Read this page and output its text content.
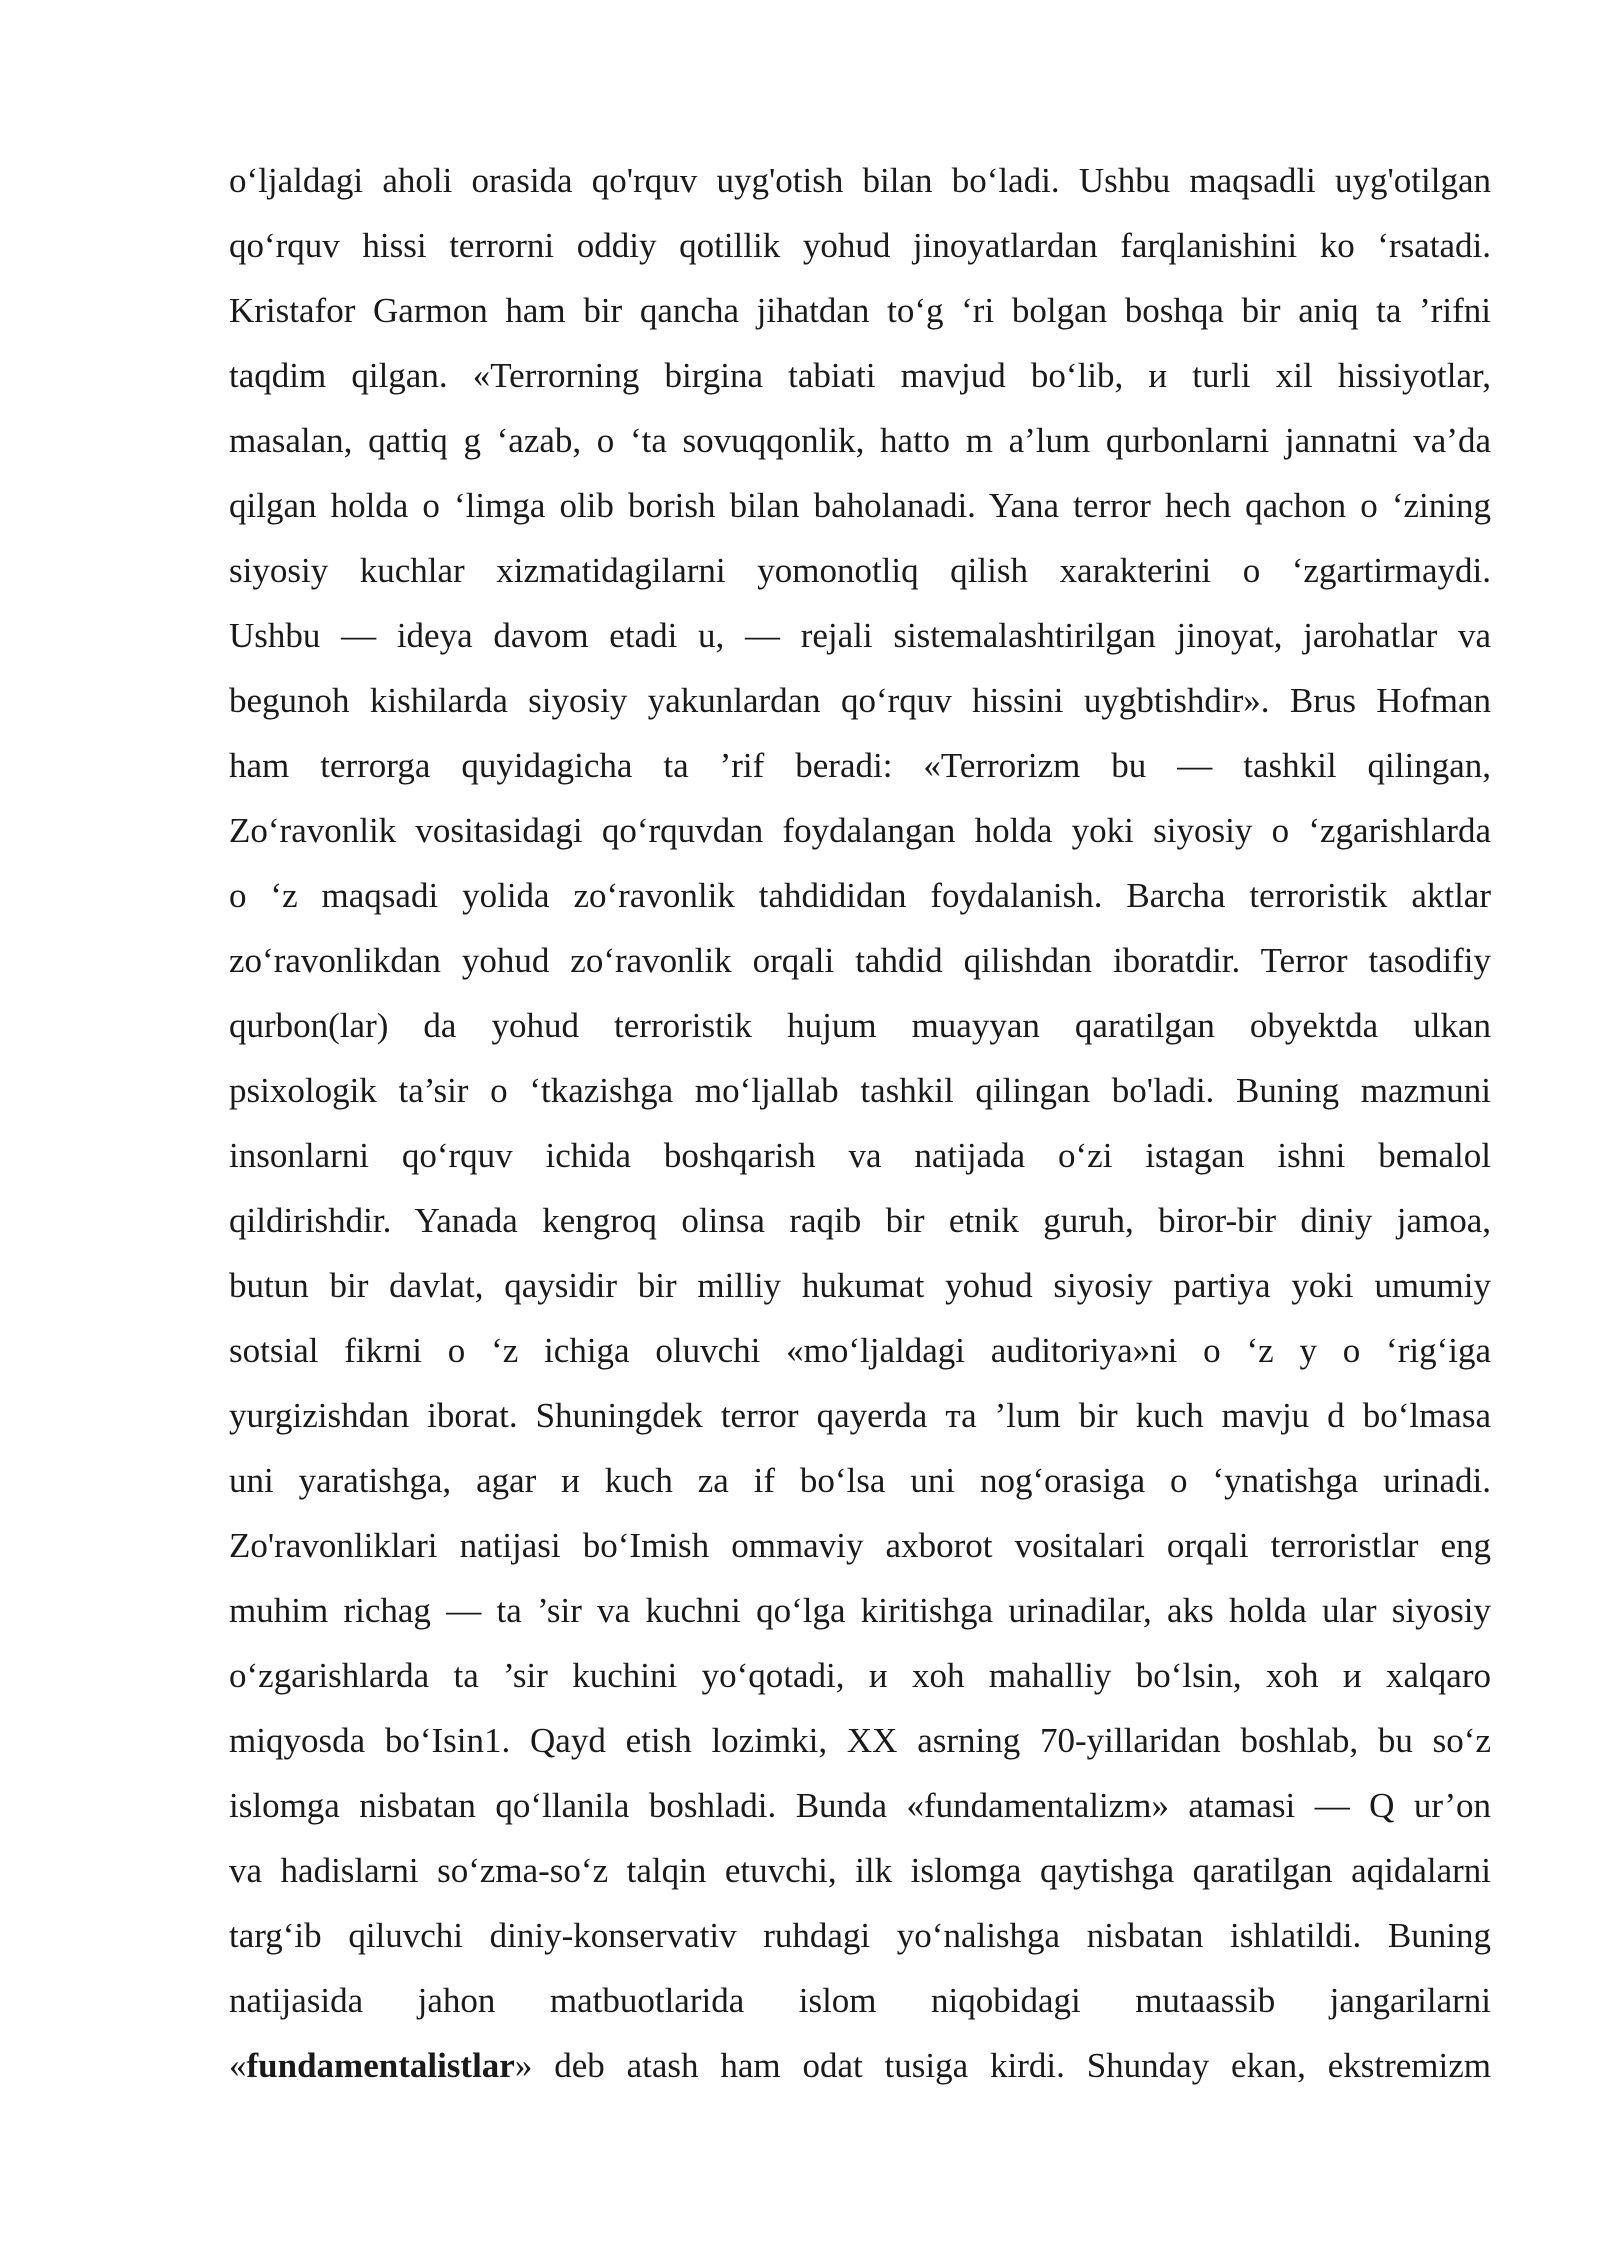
o‘ljaldagi aholi orasida qo'rquv uyg'otish bilan bo‘ladi. Ushbu maqsadli uyg'otilgan
qo‘rquv hissi terrorni oddiy qotillik yohud jinoyatlardan farqlanishini ko ‘rsatadi.
Kristafor Garmon ham bir qancha jihatdan to‘g ‘ri bolgan boshqa bir aniq ta ’rifni
taqdim qilgan. «Terrorning birgina tabiati mavjud bo‘lib, и turli xil hissiyotlar,
masalan, qattiq g ‘azab, o ‘ta sovuqqonlik, hatto m a’lum qurbonlarni jannatni va’da
qilgan holda o ‘limga olib borish bilan baholanadi. Yana terror hech qachon o ‘zining
siyosiy kuchlar xizmatidagilarni yomonotliq qilish xarakterini o ‘zgartirmaydi.
Ushbu — ideya davom etadi u, — rejali sistemalashtirilgan jinoyat, jarohatlar va
begunoh kishilarda siyosiy yakunlardan qo‘rquv hissini uygbtishdir». Brus Hofman
ham terrorga quyidagicha ta ’rif beradi: «Terrorizm bu — tashkil qilingan,
Zo‘ravonlik vositasidagi qo‘rquvdan foydalangan holda yoki siyosiy o ‘zgarishlarda
o ‘z maqsadi yolida zo‘ravonlik tahdididan foydalanish. Barcha terroristik aktlar
zo‘ravonlikdan yohud zo‘ravonlik orqali tahdid qilishdan iboratdir. Terror tasodifiy
qurbon(lar) da yohud terroristik hujum muayyan qaratilgan obyektda ulkan
psixologik ta’sir o ‘tkazishga mo‘ljallab tashkil qilingan bo'ladi. Buning mazmuni
insonlarni qo‘rquv ichida boshqarish va natijada o‘zi istagan ishni bemalol
qildirishdir. Yanada kengroq olinsa raqib bir etnik guruh, biror-bir diniy jamoa,
butun bir davlat, qaysidir bir milliy hukumat yohud siyosiy partiya yoki umumiy
sotsial fikrni o ‘z ichiga oluvchi «mo‘ljaldagi auditoriya»ni o ‘z y o ‘rig‘iga
yurgizishdan iborat. Shuningdek terror qayerda та ’lum bir kuch mavju d bo‘lmasa
uni yaratishga, agar и kuch za if bo‘lsa uni nog‘orasiga o ‘ynatishga urinadi.
Zo'ravonliklari natijasi bo‘Imish ommaviy axborot vositalari orqali terroristlar eng
muhim richag — ta ’sir va kuchni qo‘lga kiritishga urinadilar, aks holda ular siyosiy
o‘zgarishlarda ta ’sir kuchini yo‘qotadi, и xoh mahalliy bo‘lsin, xoh и xalqaro
miqyosda bo‘Isin1. Qayd etish lozimki, XX asrning 70-yillaridan boshlab, bu so‘z
islomga nisbatan qo‘llanila boshladi. Bunda «fundamentalizm» atamasi — Q ur’on
va hadislarni so‘zma-so‘z talqin etuvchi, ilk islomga qaytishga qaratilgan aqidalarni
targ‘ib qiluvchi diniy-konservativ ruhdagi yo‘nalishga nisbatan ishlatildi. Buning
natijasida jahon matbuotlarida islom niqobidagi mutaassib jangarilarni
«fundamentalistlar» deb atash ham odat tusiga kirdi. Shunday ekan, ekstremizm
